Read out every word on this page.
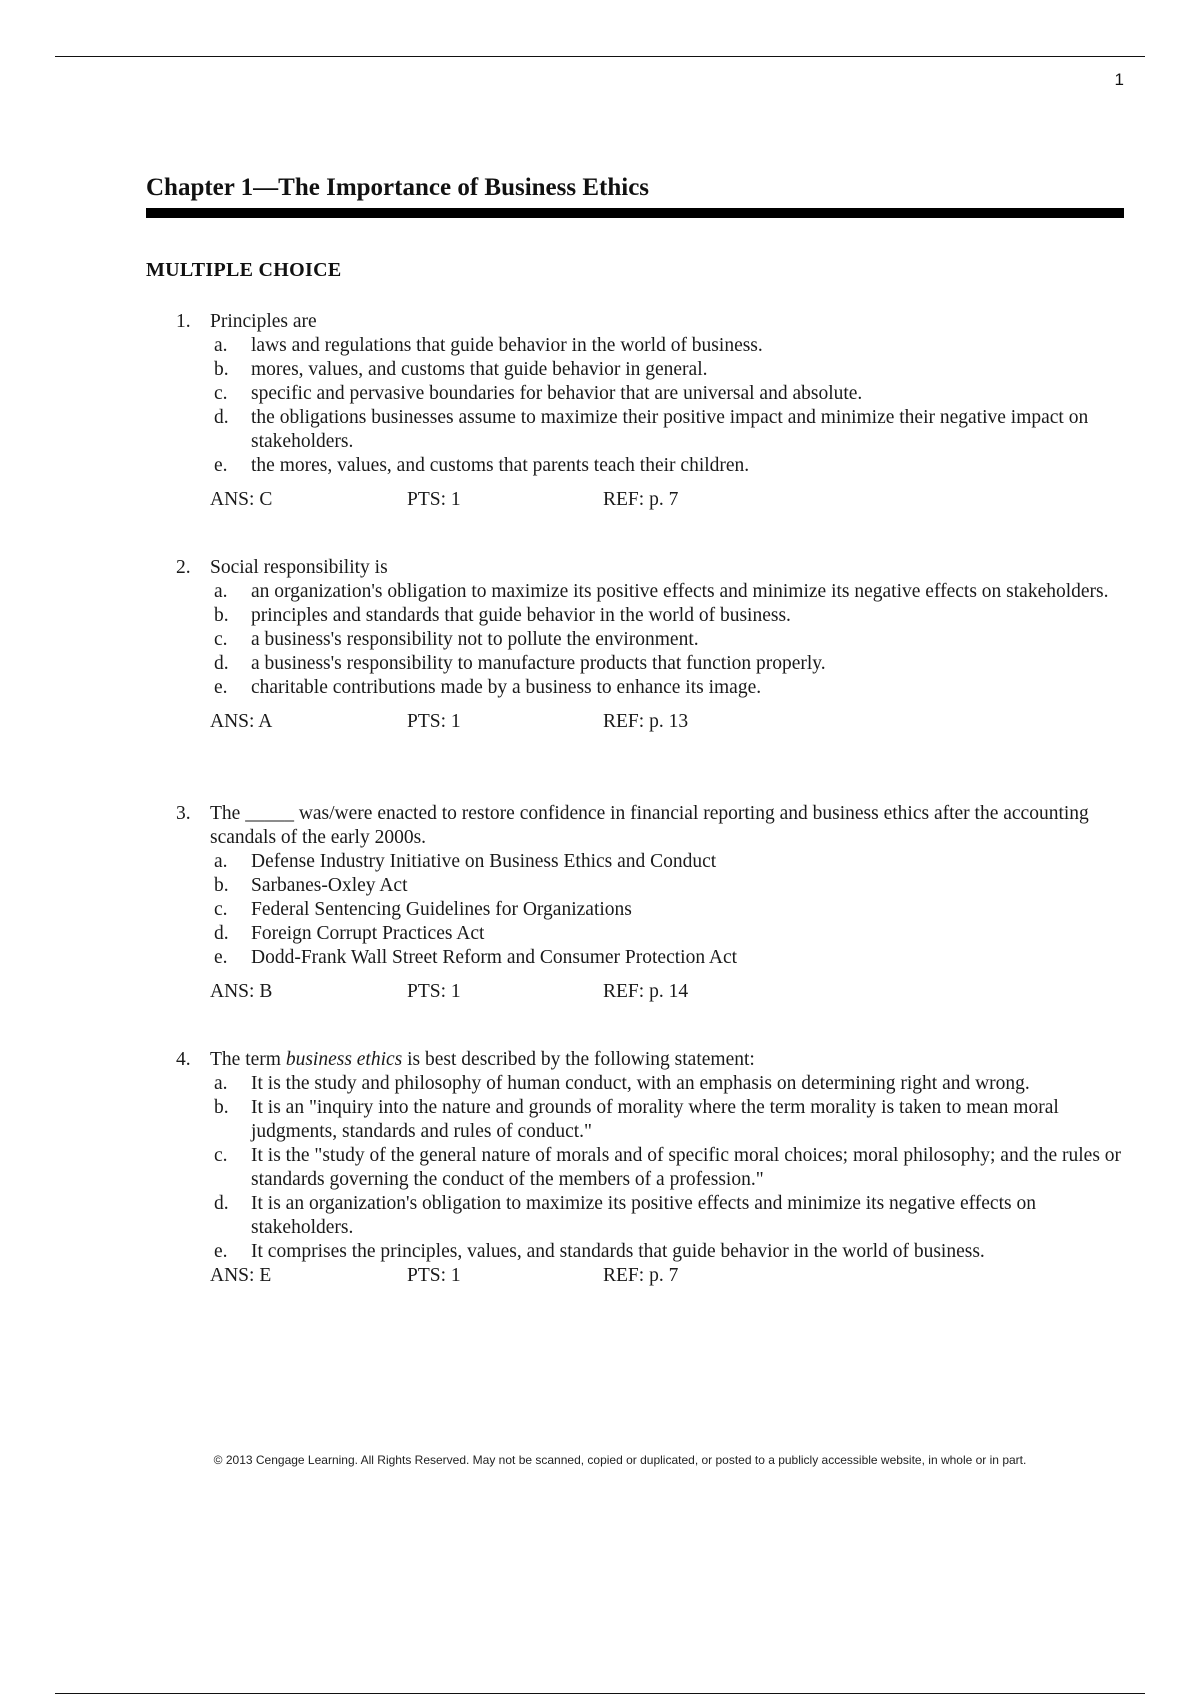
1
Chapter 1—The Importance of Business Ethics
MULTIPLE CHOICE
1. Principles are
a. laws and regulations that guide behavior in the world of business.
b. mores, values, and customs that guide behavior in general.
c. specific and pervasive boundaries for behavior that are universal and absolute.
d. the obligations businesses assume to maximize their positive impact and minimize their negative impact on stakeholders.
e. the mores, values, and customs that parents teach their children.
ANS: C	PTS: 1	REF: p. 7
2. Social responsibility is
a. an organization's obligation to maximize its positive effects and minimize its negative effects on stakeholders.
b. principles and standards that guide behavior in the world of business.
c. a business's responsibility not to pollute the environment.
d. a business's responsibility to manufacture products that function properly.
e. charitable contributions made by a business to enhance its image.
ANS: A	PTS: 1	REF: p. 13
3. The _____ was/were enacted to restore confidence in financial reporting and business ethics after the accounting scandals of the early 2000s.
a. Defense Industry Initiative on Business Ethics and Conduct
b. Sarbanes-Oxley Act
c. Federal Sentencing Guidelines for Organizations
d. Foreign Corrupt Practices Act
e. Dodd-Frank Wall Street Reform and Consumer Protection Act
ANS: B	PTS: 1	REF: p. 14
4. The term business ethics is best described by the following statement:
a. It is the study and philosophy of human conduct, with an emphasis on determining right and wrong.
b. It is an "inquiry into the nature and grounds of morality where the term morality is taken to mean moral judgments, standards and rules of conduct."
c. It is the "study of the general nature of morals and of specific moral choices; moral philosophy; and the rules or standards governing the conduct of the members of a profession."
d. It is an organization's obligation to maximize its positive effects and minimize its negative effects on stakeholders.
e. It comprises the principles, values, and standards that guide behavior in the world of business.
ANS: E	PTS: 1	REF: p. 7
© 2013 Cengage Learning. All Rights Reserved. May not be scanned, copied or duplicated, or posted to a publicly accessible website, in whole or in part.
